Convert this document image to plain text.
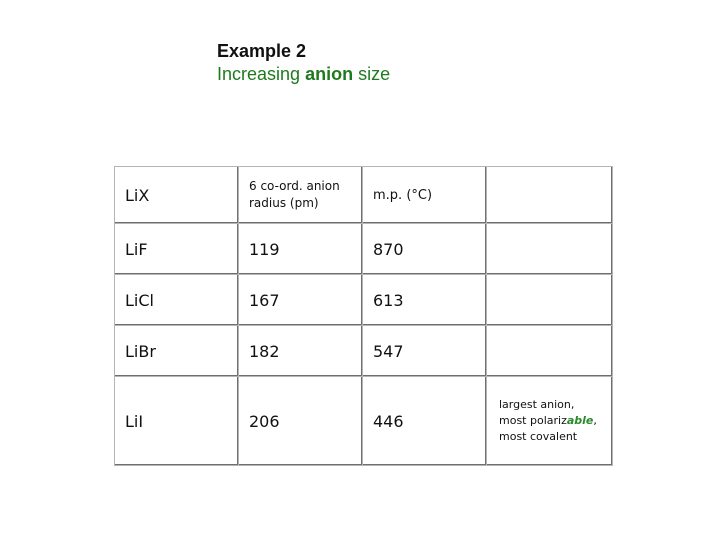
Example 2
Increasing anion size
LiX	6 co-ord. anion radius (pm)	m.p. (°C)	
LiF	119	870	
LiCl	167	613	
LiBr	182	547	
LiI	206	446	largest anion,
most polarizable,
most covalent
